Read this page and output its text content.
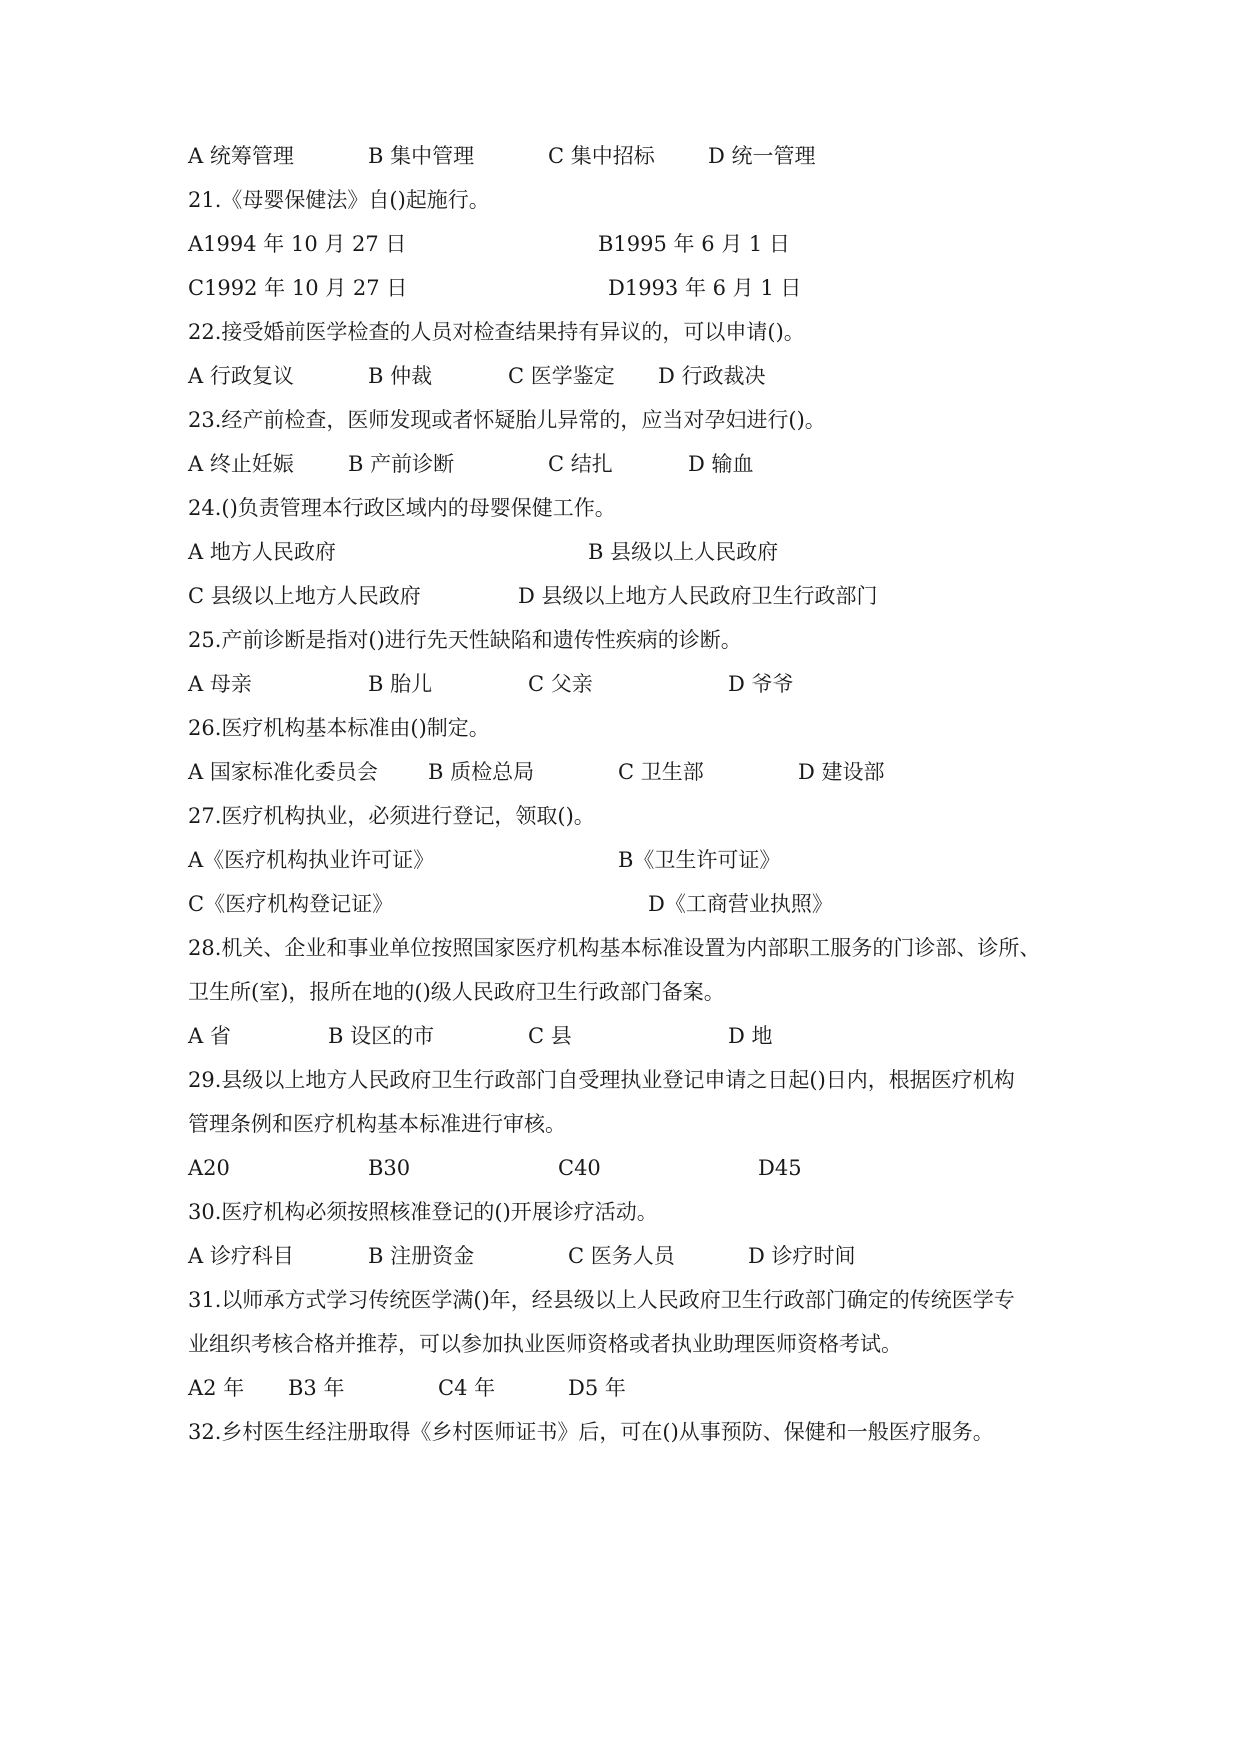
A 统筹管理	B 集中管理	C 集中招标	D 统一管理
21.《母婴保健法》自()起施行。
A1994 年 10 月 27 日	B1995 年 6 月 1 日
C1992 年 10 月 27 日	D1993 年 6 月 1 日
22.接受婚前医学检查的人员对检查结果持有异议的，可以申请()。
A 行政复议	B 仲裁	C 医学鉴定 D 行政裁决
23.经产前检查，医师发现或者怀疑胎儿异常的，应当对孕妇进行()。
A 终止妊娠	B 产前诊断	C 结扎	D 输血
24.()负责管理本行政区域内的母婴保健工作。
A 地方人民政府	B 县级以上人民政府
C 县级以上地方人民政府	D 县级以上地方人民政府卫生行政部门
25.产前诊断是指对()进行先天性缺陷和遗传性疾病的诊断。
A 母亲	B 胎儿	C 父亲	D 爷爷
26.医疗机构基本标准由()制定。
A 国家标准化委员会 B 质检总局	C 卫生部	D 建设部
27.医疗机构执业，必须进行登记，领取()。
A《医疗机构执业许可证》	B《卫生许可证》
C《医疗机构登记证》	D《工商营业执照》
28.机关、企业和事业单位按照国家医疗机构基本标准设置为内部职工服务的门诊部、诊所、
卫生所(室)，报所在地的()级人民政府卫生行政部门备案。
A 省	B 设区的市	C 县	D 地
29.县级以上地方人民政府卫生行政部门自受理执业登记申请之日起()日内，根据医疗机构
管理条例和医疗机构基本标准进行审核。
A20	B30	C40	D45
30.医疗机构必须按照核准登记的()开展诊疗活动。
A 诊疗科目	B 注册资金	C 医务人员	D 诊疗时间
31.以师承方式学习传统医学满()年，经县级以上人民政府卫生行政部门确定的传统医学专
业组织考核合格并推荐，可以参加执业医师资格或者执业助理医师资格考试。
A2 年 B3 年	C4 年	D5 年
32.乡村医生经注册取得《乡村医师证书》后，可在()从事预防、保健和一般医疗服务。
